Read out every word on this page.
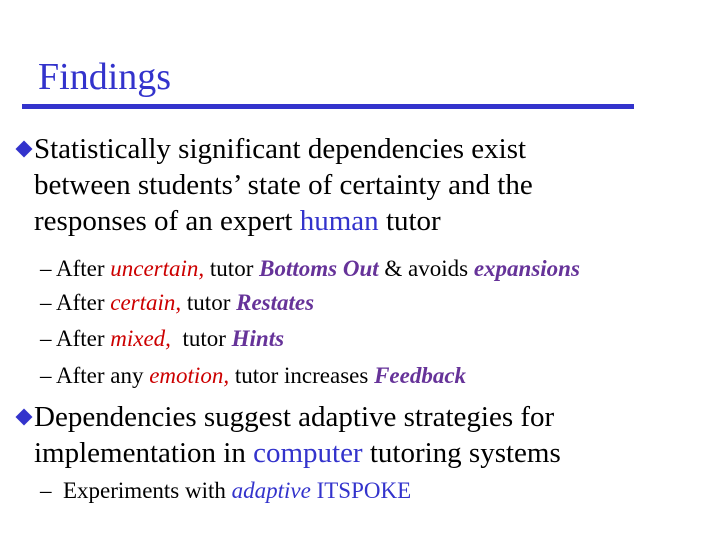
Findings
Statistically significant dependencies exist
between students’ state of certainty and the
responses of an expert human tutor
– After uncertain, tutor Bottoms Out & avoids expansions
– After certain, tutor Restates
– After mixed,  tutor Hints
– After any emotion, tutor increases Feedback
Dependencies suggest adaptive strategies for
implementation in computer tutoring systems
–  Experiments with adaptive ITSPOKE
